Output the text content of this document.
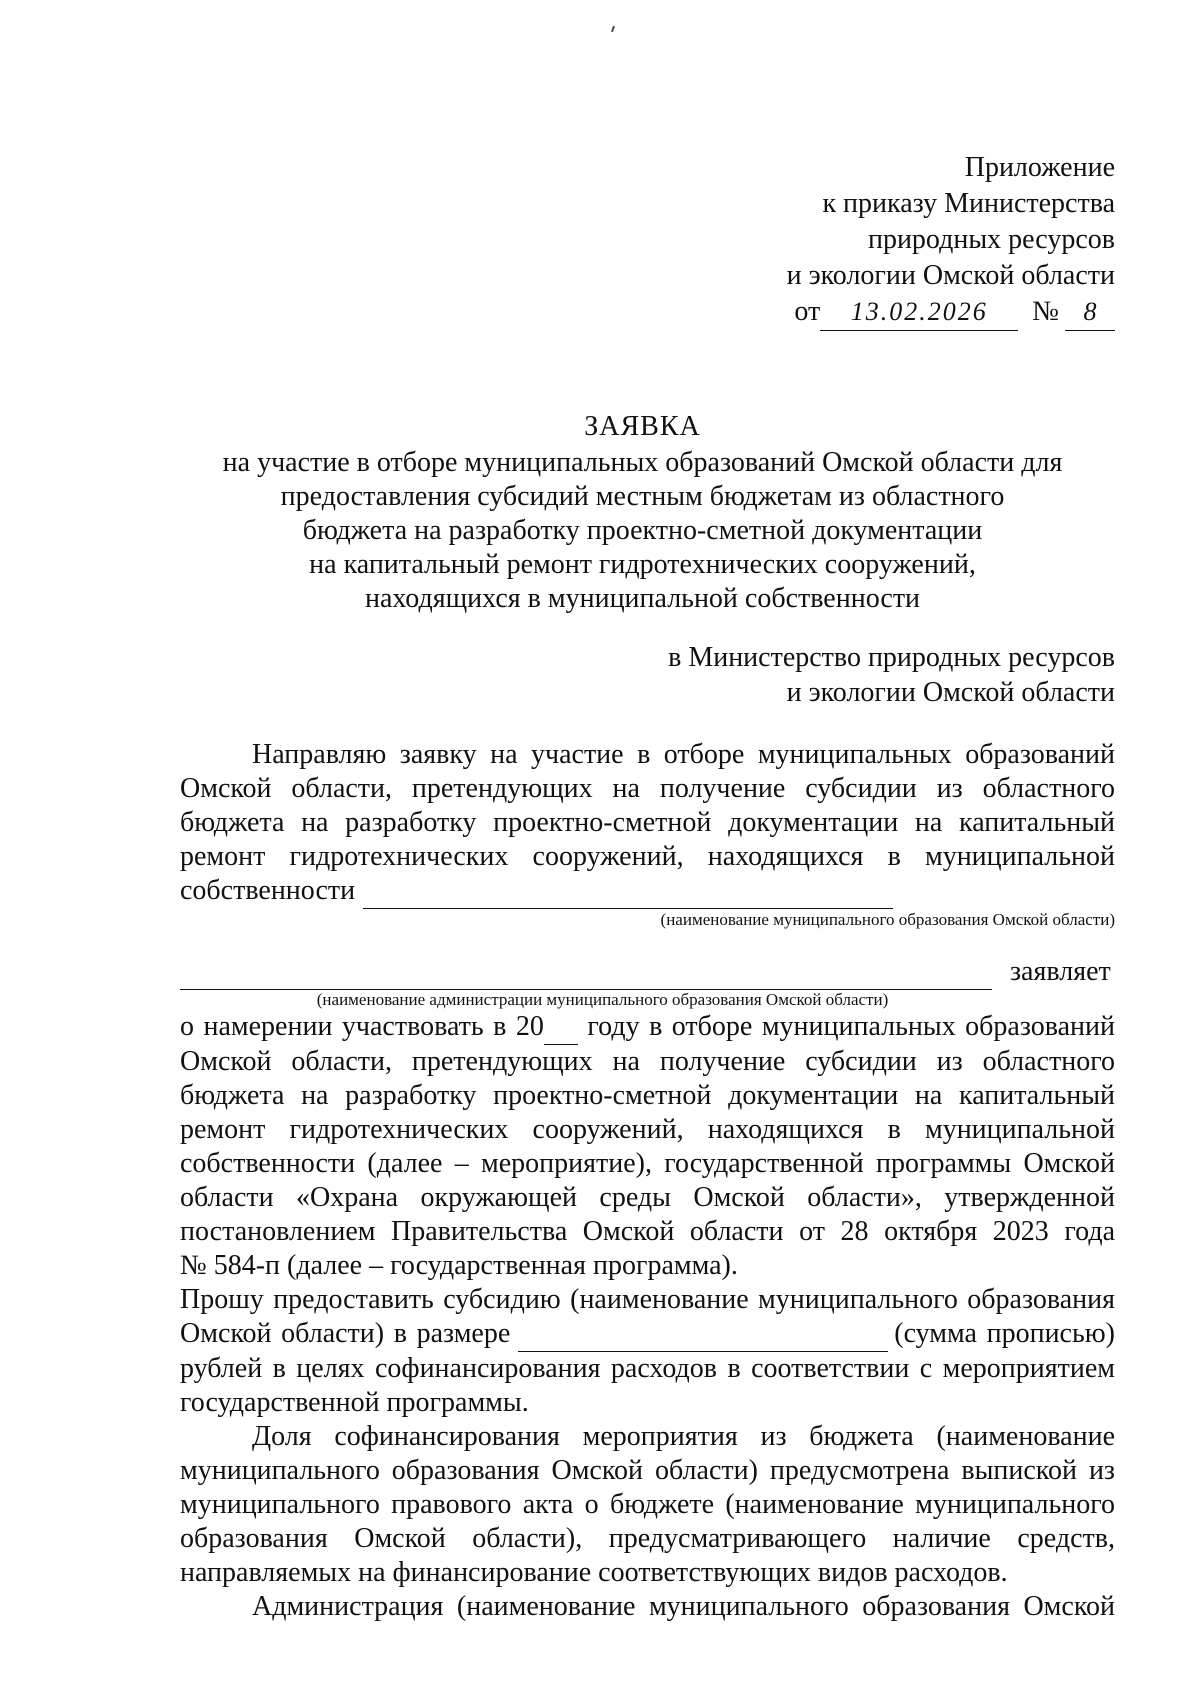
Приложение
к приказу Министерства
природных ресурсов
и экологии Омской области
от 13.02.2026 № 8
ЗАЯВКА
на участие в отборе муниципальных образований Омской области для
предоставления субсидий местным бюджетам из областного
бюджета на разработку проектно-сметной документации
на капитальный ремонт гидротехнических сооружений,
находящихся в муниципальной собственности
в Министерство природных ресурсов
и экологии Омской области
Направляю заявку на участие в отборе муниципальных образований
Омской области, претендующих на получение субсидии из областного
бюджета на разработку проектно-сметной документации на капитальный
ремонт гидротехнических сооружений, находящихся в муниципальной
собственности
(наименование муниципального образования Омской области)
заявляет
(наименование администрации муниципального образования Омской области)
о намерении участвовать в 20  году в отборе муниципальных образований
Омской области, претендующих на получение субсидии из областного
бюджета на разработку проектно-сметной документации на капитальный
ремонт гидротехнических сооружений, находящихся в муниципальной
собственности (далее – мероприятие), государственной программы Омской
области «Охрана окружающей среды Омской области», утвержденной
постановлением Правительства Омской области от 28 октября 2023 года
№ 584-п (далее – государственная программа).
Прошу предоставить субсидию (наименование муниципального образования
Омской области) в размере	(сумма прописью)
рублей в целях софинансирования расходов в соответствии с мероприятием
государственной программы.
Доля софинансирования мероприятия из бюджета (наименование
муниципального образования Омской области) предусмотрена выпиской из
муниципального правового акта о бюджете (наименование муниципального
образования Омской области), предусматривающего наличие средств,
направляемых на финансирование соответствующих видов расходов.
Администрация (наименование муниципального образования Омской
